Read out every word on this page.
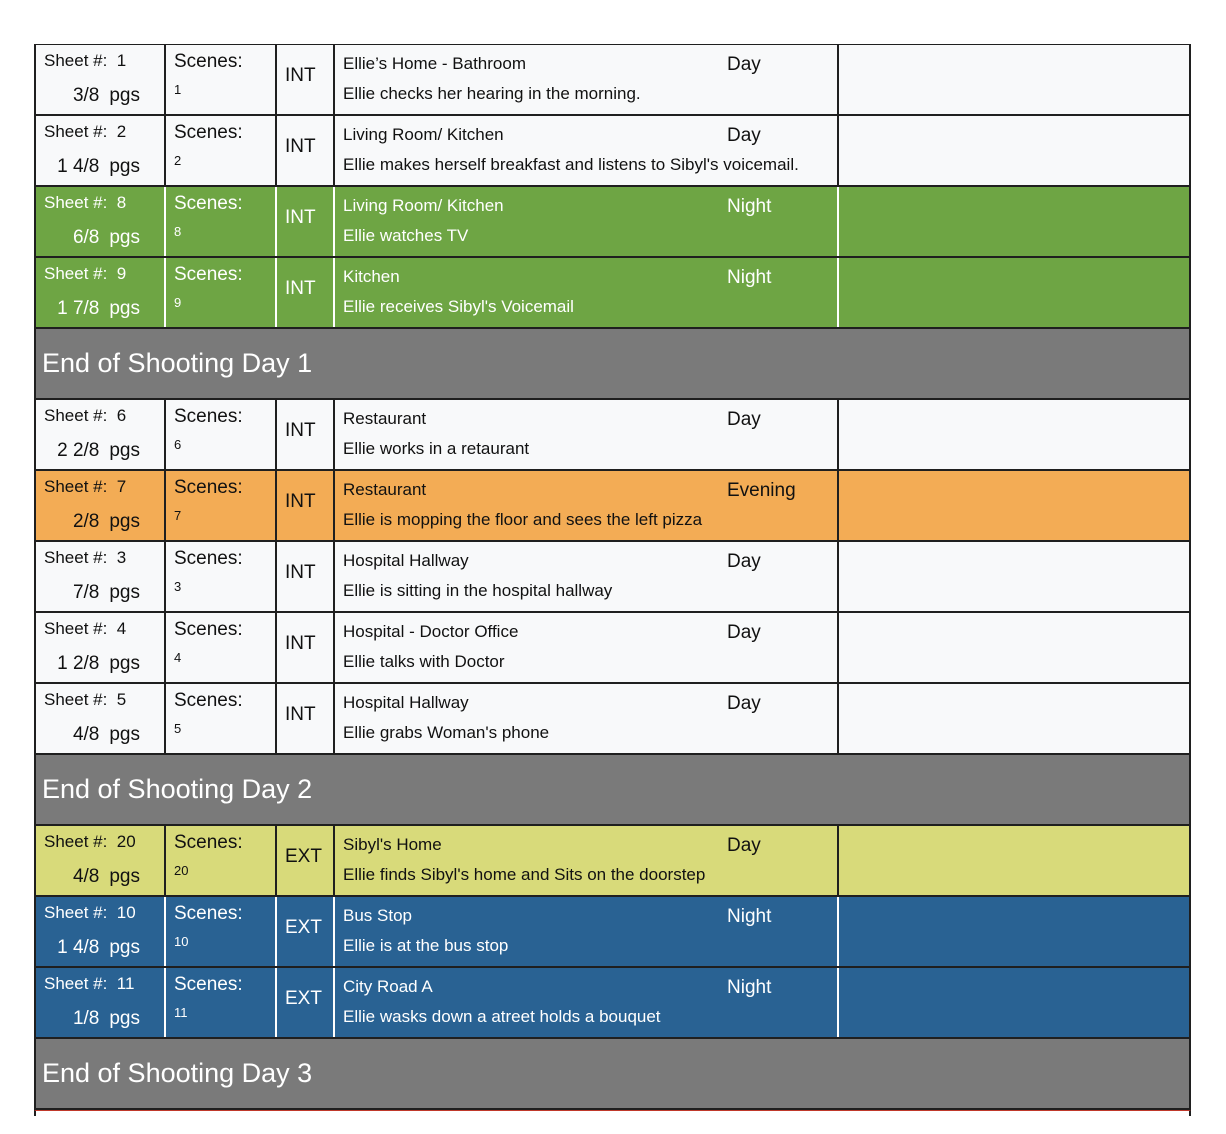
Sheet #: 1
3/8 pgs
Scenes:
1
INT
Ellie’s Home - Bathroom	Day
Ellie checks her hearing in the morning.
Sheet #: 2
1 4/8 pgs
Scenes:
2
INT
Living Room/ Kitchen	Day
Ellie makes herself breakfast and listens to Sibyl's voicemail.
Sheet #: 8
6/8 pgs
Scenes:
8
INT
Living Room/ Kitchen	Night
Ellie watches TV
Sheet #: 9
1 7/8 pgs
Scenes:
9
INT
Kitchen	Night
Ellie receives Sibyl's Voicemail
End of Shooting Day 1
Sheet #: 6
2 2/8 pgs
Scenes:
6
INT
Restaurant	Day
Ellie works in a retaurant
Sheet #: 7
2/8 pgs
Scenes:
7
INT
Restaurant	Evening
Ellie is mopping the floor and sees the left pizza
Sheet #: 3
7/8 pgs
Scenes:
3
INT
Hospital Hallway	Day
Ellie is sitting in the hospital hallway
Sheet #: 4
1 2/8 pgs
Scenes:
4
INT
Hospital - Doctor Office	Day
Ellie talks with Doctor
Sheet #: 5
4/8 pgs
Scenes:
5
INT
Hospital Hallway	Day
Ellie grabs Woman's phone
End of Shooting Day 2
Sheet #: 20
4/8 pgs
Scenes:
20
EXT
Sibyl's Home	Day
Ellie finds Sibyl's home and Sits on the doorstep
Sheet #: 10
1 4/8 pgs
Scenes:
10
EXT
Bus Stop	Night
Ellie is at the bus stop
Sheet #: 11
1/8 pgs
Scenes:
11
EXT
City Road A	Night
Ellie wasks down a atreet holds a bouquet
End of Shooting Day 3
